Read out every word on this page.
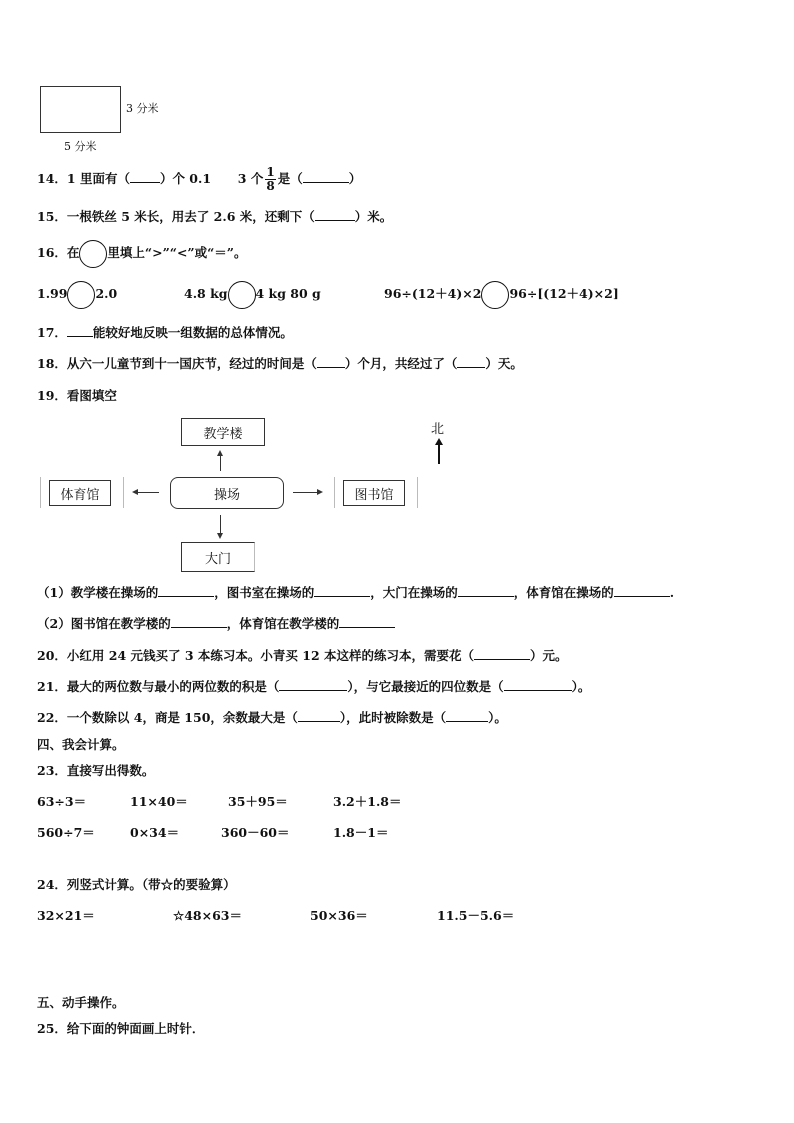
3 分米
5 分米
14．1 里面有（ ）个 0.1 3 个 $\frac{1}{8}$ 是（	）
15．一根铁丝 5 米长，用去了 2.6 米，还剩下（	）米。
16．在 里填上“>”“<”或“＝”。
1.99 2.0	4.8 kg 4 kg 80 g	96÷(12＋4)×2 96÷[(12＋4)×2]
17． 能较好地反映一组数据的总体情况。
18．从六一儿童节到十一国庆节，经过的时间是（ ）个月，共经过了（ ）天。
19．看图填空
教学楼
操场
体育馆	图书馆
大门
北
（1）教学楼在操场的	，图书室在操场的	，大门在操场的	，体育馆在操场的	.
（2）图书馆在教学楼的	，体育馆在教学楼的
20．小红用 24 元钱买了 3 本练习本。小青买 12 本这样的练习本，需要花（	）元。
21．最大的两位数与最小的两位数的积是（	），与它最接近的四位数是（	）。
22．一个数除以 4，商是 150，余数最大是（	），此时被除数是（	）。
四、我会计算。
23．直接写出得数。
63÷3＝	11×40＝	35＋95＝	3.2＋1.8＝
560÷7＝	0×34＝	360－60＝	1.8－1＝
24．列竖式计算。（带☆的要验算）
32×21＝	☆48×63＝	50×36＝	11.5－5.6＝
五、动手操作。
25．给下面的钟面画上时针．
